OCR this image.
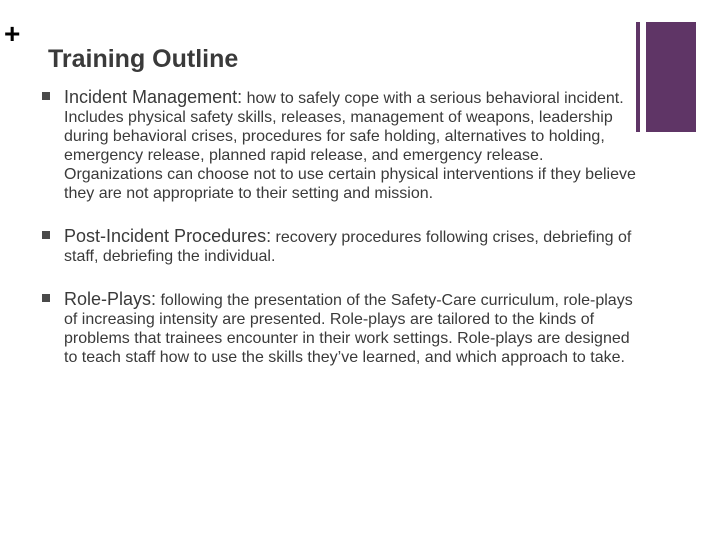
+
Training Outline
Incident Management: how to safely cope with a serious behavioral incident. Includes physical safety skills, releases, management of weapons, leadership during behavioral crises, procedures for safe holding, alternatives to holding, emergency release, planned rapid release, and emergency release. Organizations can choose not to use certain physical interventions if they believe they are not appropriate to their setting and mission.
Post-Incident Procedures: recovery procedures following crises, debriefing of staff, debriefing the individual.
Role-Plays: following the presentation of the Safety-Care curriculum, role-plays of increasing intensity are presented. Role-plays are tailored to the kinds of problems that trainees encounter in their work settings. Role-plays are designed to teach staff how to use the skills they’ve learned, and which approach to take.
